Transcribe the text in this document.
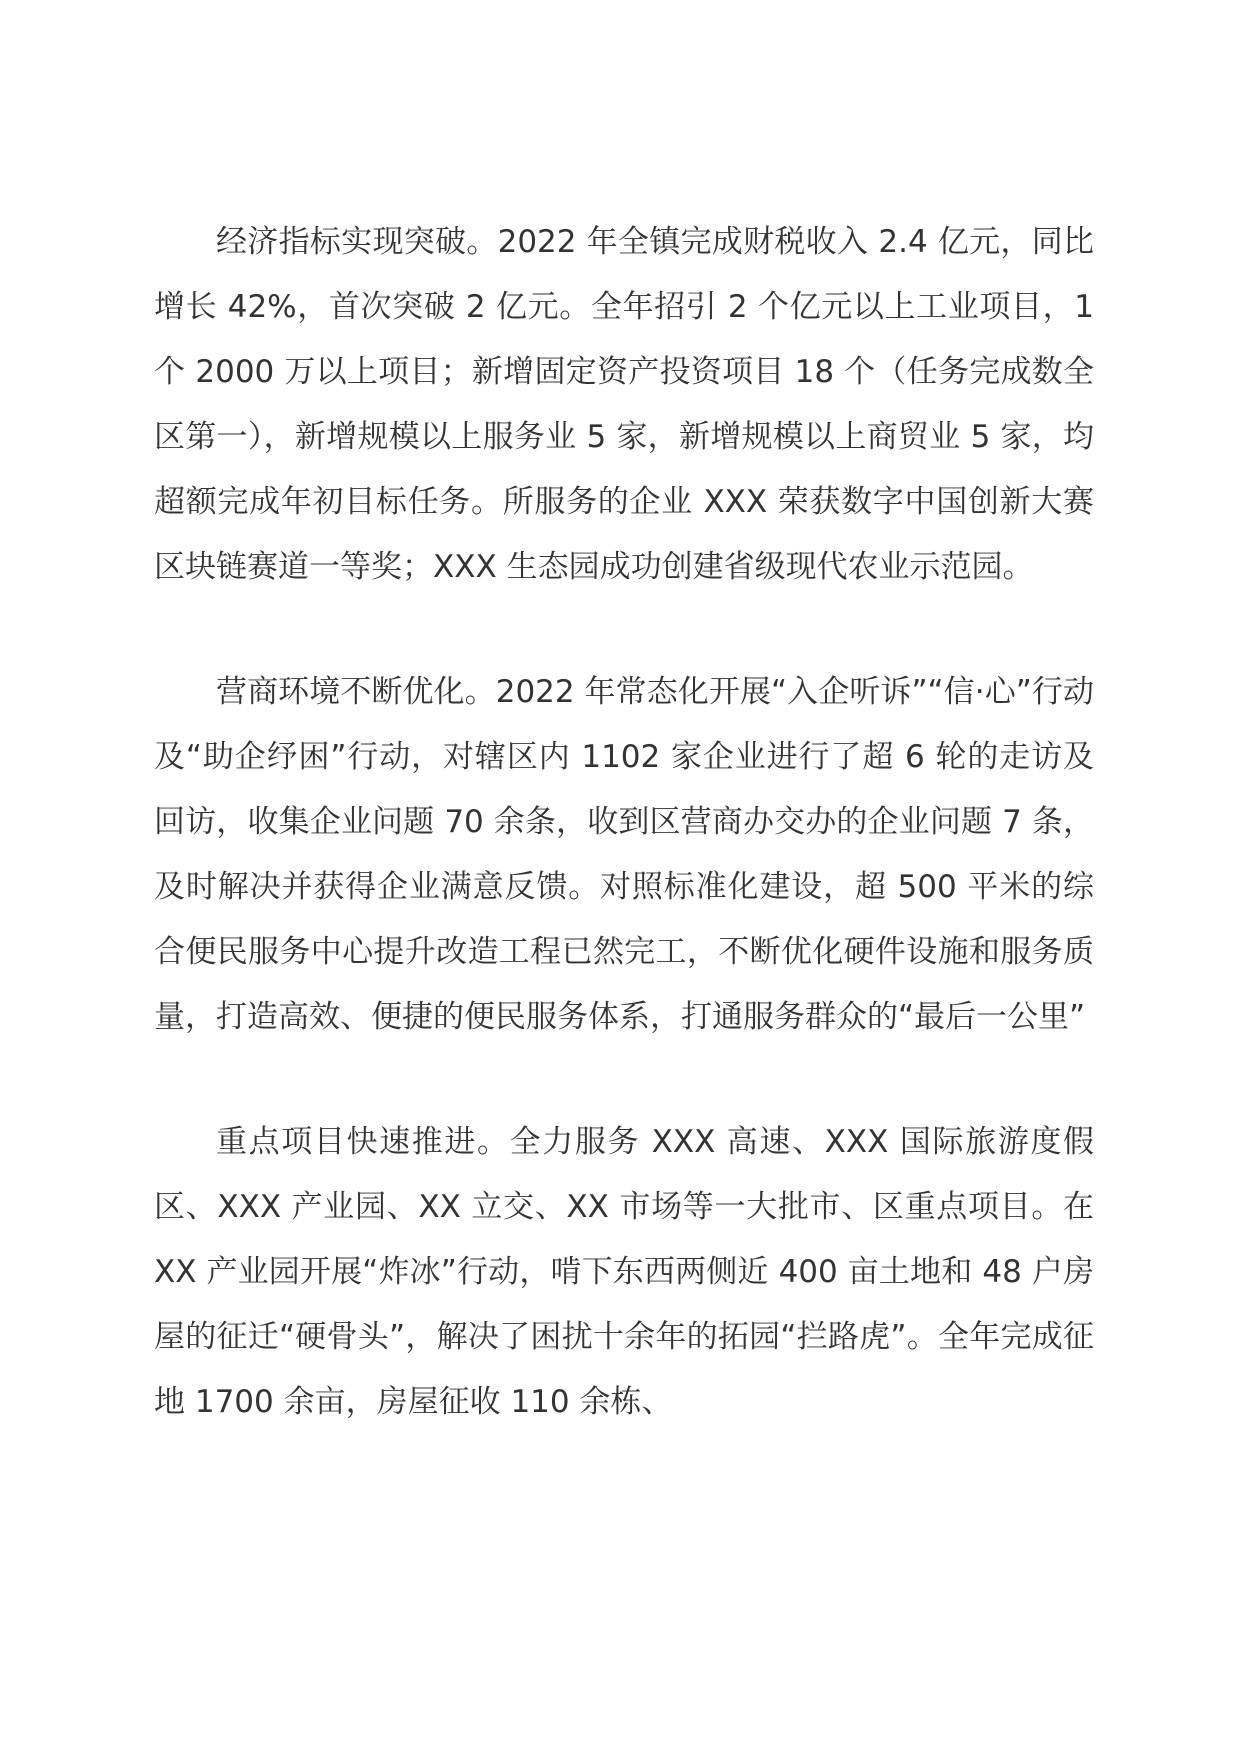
经济指标实现突破。2022 年全镇完成财税收入 2.4 亿元，同比增长 42%，首次突破 2 亿元。全年招引 2 个亿元以上工业项目，1 个 2000 万以上项目；新增固定资产投资项目 18 个（任务完成数全区第一），新增规模以上服务业 5 家，新增规模以上商贸业 5 家，均超额完成年初目标任务。所服务的企业 XXX 荣获数字中国创新大赛区块链赛道一等奖；XXX 生态园成功创建省级现代农业示范园。

营商环境不断优化。2022 年常态化开展“入企听诉”“信·心”行动及“助企纾困”行动，对辖区内 1102 家企业进行了超 6 轮的走访及回访，收集企业问题 70 余条，收到区营商办交办的企业问题 7 条，及时解决并获得企业满意反馈。对照标准化建设，超 500 平米的综合便民服务中心提升改造工程已然完工，不断优化硬件设施和服务质量，打造高效、便捷的便民服务体系，打通服务群众的“最后一公里”

重点项目快速推进。全力服务 XXX 高速、XXX 国际旅游度假区、XXX 产业园、XX 立交、XX 市场等一大批市、区重点项目。在 XX 产业园开展“炸冰”行动，啃下东西两侧近 400 亩土地和 48 户房屋的征迁“硬骨头”，解决了困扰十余年的拓园“拦路虎”。全年完成征地 1700 余亩，房屋征收 110 余栋、
